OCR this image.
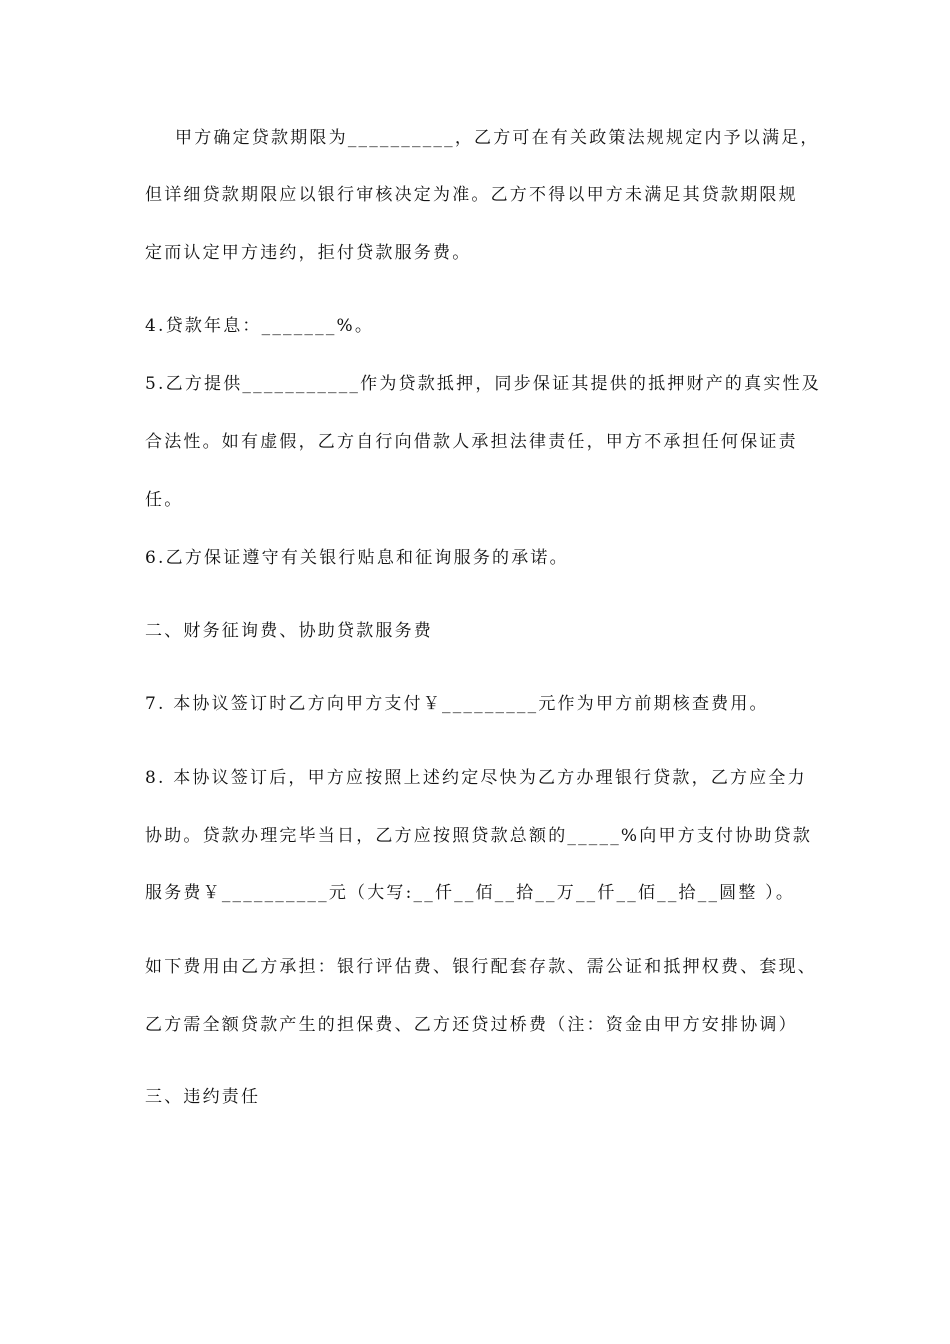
甲方确定贷款期限为__________，乙方可在有关政策法规规定内予以满足，
但详细贷款期限应以银行审核决定为准。乙方不得以甲方未满足其贷款期限规
定而认定甲方违约，拒付贷款服务费。
4.贷款年息：_______%。
5.乙方提供___________作为贷款抵押，同步保证其提供的抵押财产的真实性及
合法性。如有虚假，乙方自行向借款人承担法律责任，甲方不承担任何保证责
任。
6.乙方保证遵守有关银行贴息和征询服务的承诺。
二、财务征询费、协助贷款服务费
7. 本协议签订时乙方向甲方支付￥_________元作为甲方前期核查费用。
8. 本协议签订后，甲方应按照上述约定尽快为乙方办理银行贷款，乙方应全力
协助。贷款办理完毕当日，乙方应按照贷款总额的_____%向甲方支付协助贷款
服务费￥__________元（大写:__仟__佰__拾__万__仟__佰__拾__圆整 ）。
如下费用由乙方承担：银行评估费、银行配套存款、需公证和抵押权费、套现、
乙方需全额贷款产生的担保费、乙方还贷过桥费（注：资金由甲方安排协调）
三、违约责任
